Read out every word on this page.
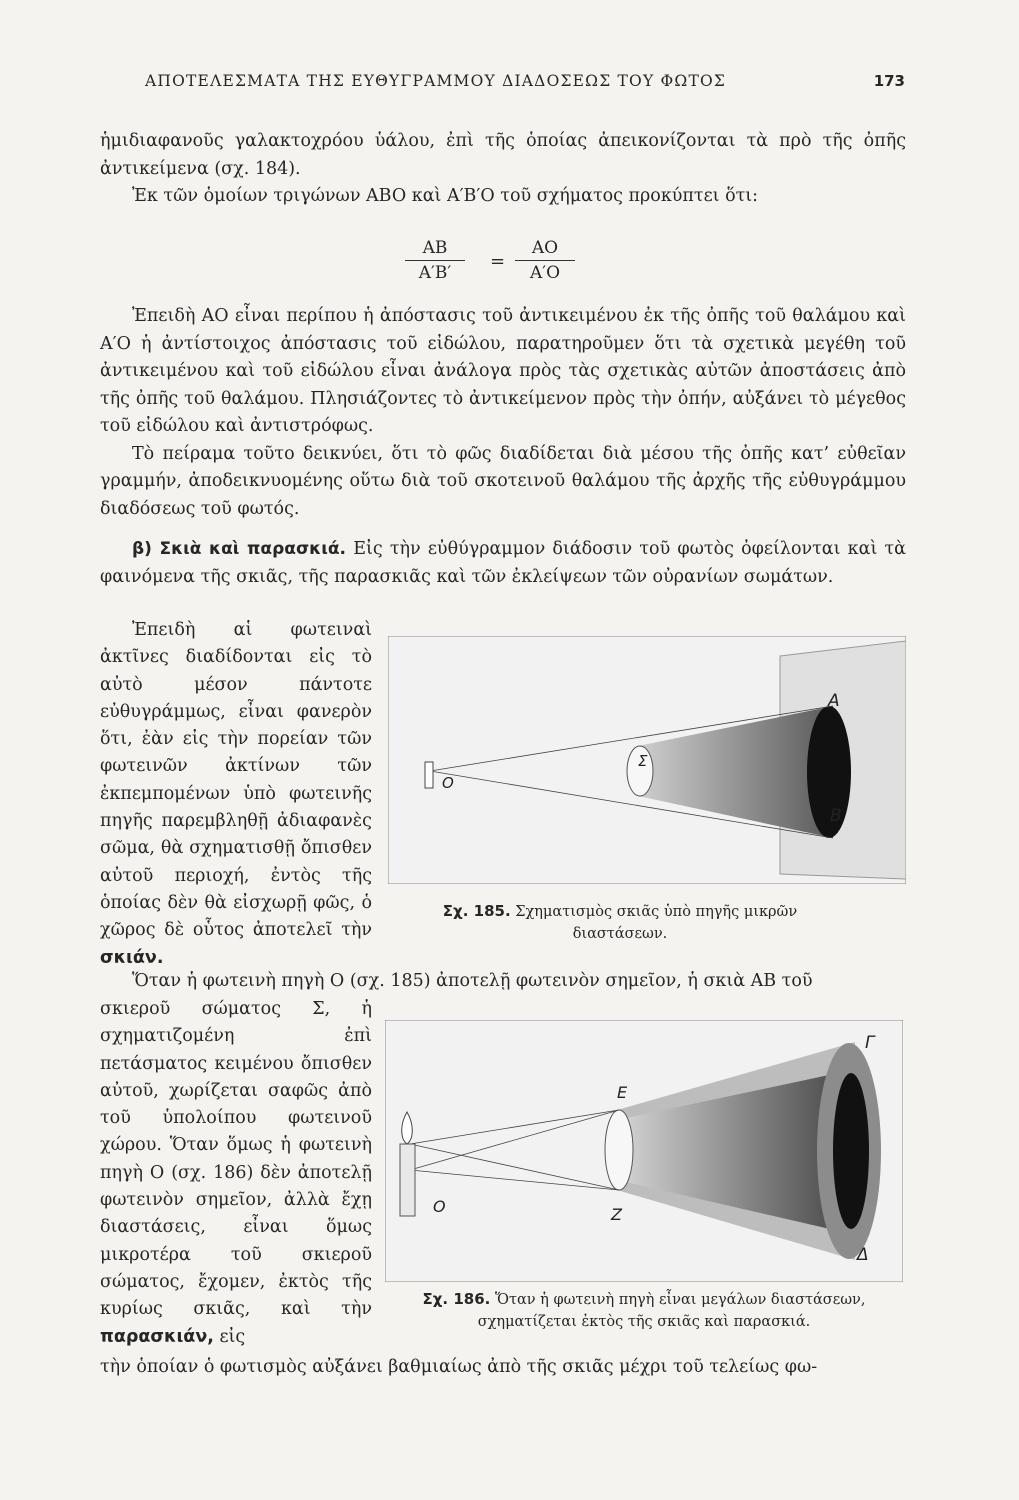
ΑΠΟΤΕΛΕΣΜΑΤΑ ΤΗΣ ΕΥΘΥΓΡΑΜΜΟΥ ΔΙΑΔΟΣΕΩΣ ΤΟΥ ΦΩΤΟΣ	173

ἡμιδιαφανοῦς γαλακτοχρόου ὑάλου, ἐπὶ τῆς ὁποίας ἀπεικονίζονται τὰ πρὸ τῆς ὀπῆς ἀντικείμενα (σχ. 184).

Ἐκ τῶν ὁμοίων τριγώνων ABO καὶ A′B′O τοῦ σχήματος προκύπτει ὅτι:

$\frac{AB}{A'B'} = \frac{AO}{A'O}$

Ἐπειδὴ AO εἶναι περίπου ἡ ἀπόστασις τοῦ ἀντικειμένου ἐκ τῆς ὀπῆς τοῦ θαλάμου καὶ A′O ἡ ἀντίστοιχος ἀπόστασις τοῦ εἰδώλου, παρατηροῦμεν ὅτι τὰ σχετικὰ μεγέθη τοῦ ἀντικειμένου καὶ τοῦ εἰδώλου εἶναι ἀνάλογα πρὸς τὰς σχετικὰς αὐτῶν ἀποστάσεις ἀπὸ τῆς ὀπῆς τοῦ θαλάμου. Πλησιάζοντες τὸ ἀντικείμενον πρὸς τὴν ὀπήν, αὐξάνει τὸ μέγεθος τοῦ εἰδώλου καὶ ἀντιστρόφως.

Τὸ πείραμα τοῦτο δεικνύει, ὅτι τὸ φῶς διαδίδεται διὰ μέσου τῆς ὀπῆς κατ’ εὐθεῖαν γραμμήν, ἀποδεικνυομένης οὕτω διὰ τοῦ σκοτεινοῦ θαλάμου τῆς ἀρχῆς τῆς εὐθυγράμμου διαδόσεως τοῦ φωτός.

β) Σκιὰ καὶ παρασκιά. Εἰς τὴν εὐθύγραμμον διάδοσιν τοῦ φωτὸς ὀφείλονται καὶ τὰ φαινόμενα τῆς σκιᾶς, τῆς παρασκιᾶς καὶ τῶν ἐκλείψεων τῶν οὐρανίων σωμάτων.

Ἐπειδὴ αἱ φωτειναὶ ἀκτῖνες διαδίδονται εἰς τὸ αὐτὸ μέσον πάντοτε εὐθυγράμμως, εἶναι φανερὸν ὅτι, ἐὰν εἰς τὴν πορείαν τῶν φωτεινῶν ἀκτίνων τῶν ἐκπεμπομένων ὑπὸ φωτεινῆς πηγῆς παρεμβληθῇ ἀδιαφανὲς σῶμα, θὰ σχηματισθῇ ὄπισθεν αὐτοῦ περιοχή, ἐντὸς τῆς ὁποίας δὲν θὰ εἰσχωρῇ φῶς, ὁ χῶρος δὲ οὗτος ἀποτελεῖ τὴν σκιάν.

A
B
Σ
O
Σχ. 185. Σχηματισμὸς σκιᾶς ὑπὸ πηγῆς μικρῶν διαστάσεων.

Ὅταν ἡ φωτεινὴ πηγὴ O (σχ. 185) ἀποτελῇ φωτεινὸν σημεῖον, ἡ σκιὰ AB τοῦ

σκιεροῦ σώματος Σ, ἡ σχηματιζομένη ἐπὶ πετάσματος κειμένου ὄπισθεν αὐτοῦ, χωρίζεται σαφῶς ἀπὸ τοῦ ὑπολοίπου φωτεινοῦ χώρου. Ὅταν ὅμως ἡ φωτεινὴ πηγὴ O (σχ. 186) δὲν ἀποτελῇ φωτεινὸν σημεῖον, ἀλλὰ ἔχῃ διαστάσεις, εἶναι ὅμως μικροτέρα τοῦ σκιεροῦ σώματος, ἔχομεν, ἐκτὸς τῆς κυρίως σκιᾶς, καὶ τὴν παρασκιάν, εἰς

Γ
Δ
E
Z
O
Σχ. 186. Ὅταν ἡ φωτεινὴ πηγὴ εἶναι μεγάλων διαστάσεων, σχηματίζεται ἐκτὸς τῆς σκιᾶς καὶ παρασκιά.

τὴν ὁποίαν ὁ φωτισμὸς αὐξάνει βαθμιαίως ἀπὸ τῆς σκιᾶς μέχρι τοῦ τελείως φω-
